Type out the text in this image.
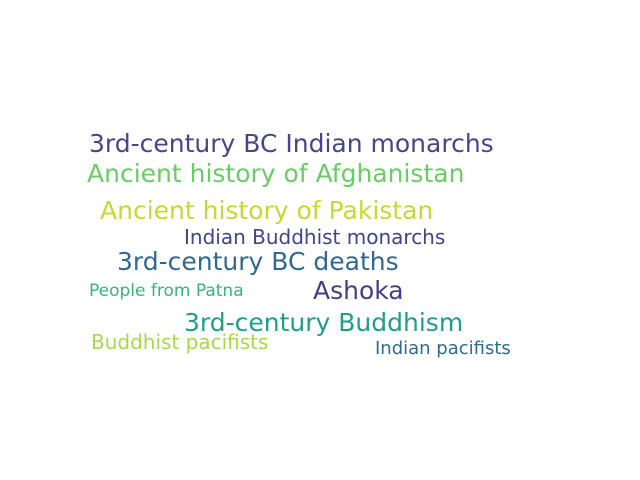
3rd-century BC Indian monarchs
Ancient history of Afghanistan
Ancient history of Pakistan
Indian Buddhist monarchs
3rd-century BC deaths
People from Patna	Ashoka
3rd-century Buddhism
Buddhist pacifists	Indian pacifists
